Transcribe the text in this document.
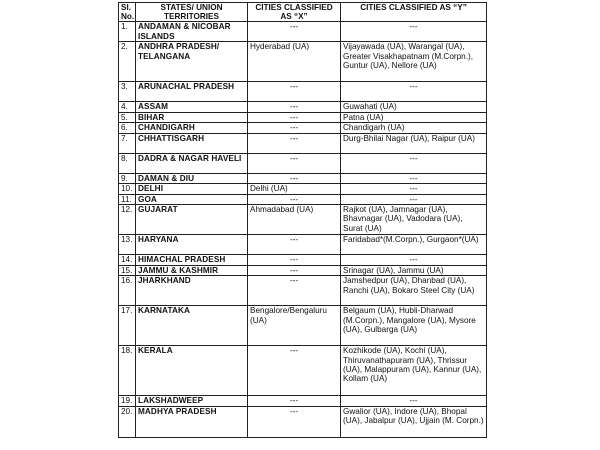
Sl. No.	STATES/ UNION TERRITORIES	CITIES CLASSIFIED AS “X”	CITIES CLASSIFIED AS “Y”
1.	ANDAMAN & NICOBAR ISLANDS	---	---
2.	ANDHRA PRADESH/ TELANGANA	Hyderabad (UA)	Vijayawada (UA), Warangal (UA), Greater Visakhapatnam (M.Corpn.), Guntur (UA), Nellore (UA)
3.	ARUNACHAL PRADESH	---	---
4.	ASSAM	---	Guwahati (UA)
5.	BIHAR	---	Patna (UA)
6.	CHANDIGARH	---	Chandigarh (UA)
7.	CHHATTISGARH	---	Durg-Bhilai Nagar (UA), Raipur (UA)
8.	DADRA & NAGAR HAVELI	---	---
9.	DAMAN & DIU	---	---
10.	DELHI	Delhi (UA)	---
11.	GOA	---	---
12.	GUJARAT	Ahmadabad (UA)	Rajkot (UA), Jamnagar (UA), Bhavnagar (UA), Vadodara (UA), Surat (UA)
13.	HARYANA	---	Faridabad*(M.Corpn.), Gurgaon*(UA)
14.	HIMACHAL PRADESH	---	---
15.	JAMMU & KASHMIR	---	Srinagar (UA), Jammu (UA)
16.	JHARKHAND	---	Jamshedpur (UA), Dhanbad (UA), Ranchi (UA), Bokaro Steel City (UA)
17.	KARNATAKA	Bengalore/Bengaluru (UA)	Belgaum (UA), Hubli-Dharwad (M.Corpn.), Mangalore (UA), Mysore (UA), Gulbarga (UA)
18.	KERALA	---	Kozhikode (UA), Kochi (UA), Thiruvanathapuram (UA), Thrissur (UA), Malappuram (UA), Kannur (UA), Kollam (UA)
19.	LAKSHADWEEP	---	---
20.	MADHYA PRADESH	---	Gwalior (UA), Indore (UA), Bhopal (UA), Jabalpur (UA), Ujjain (M. Corpn.)
